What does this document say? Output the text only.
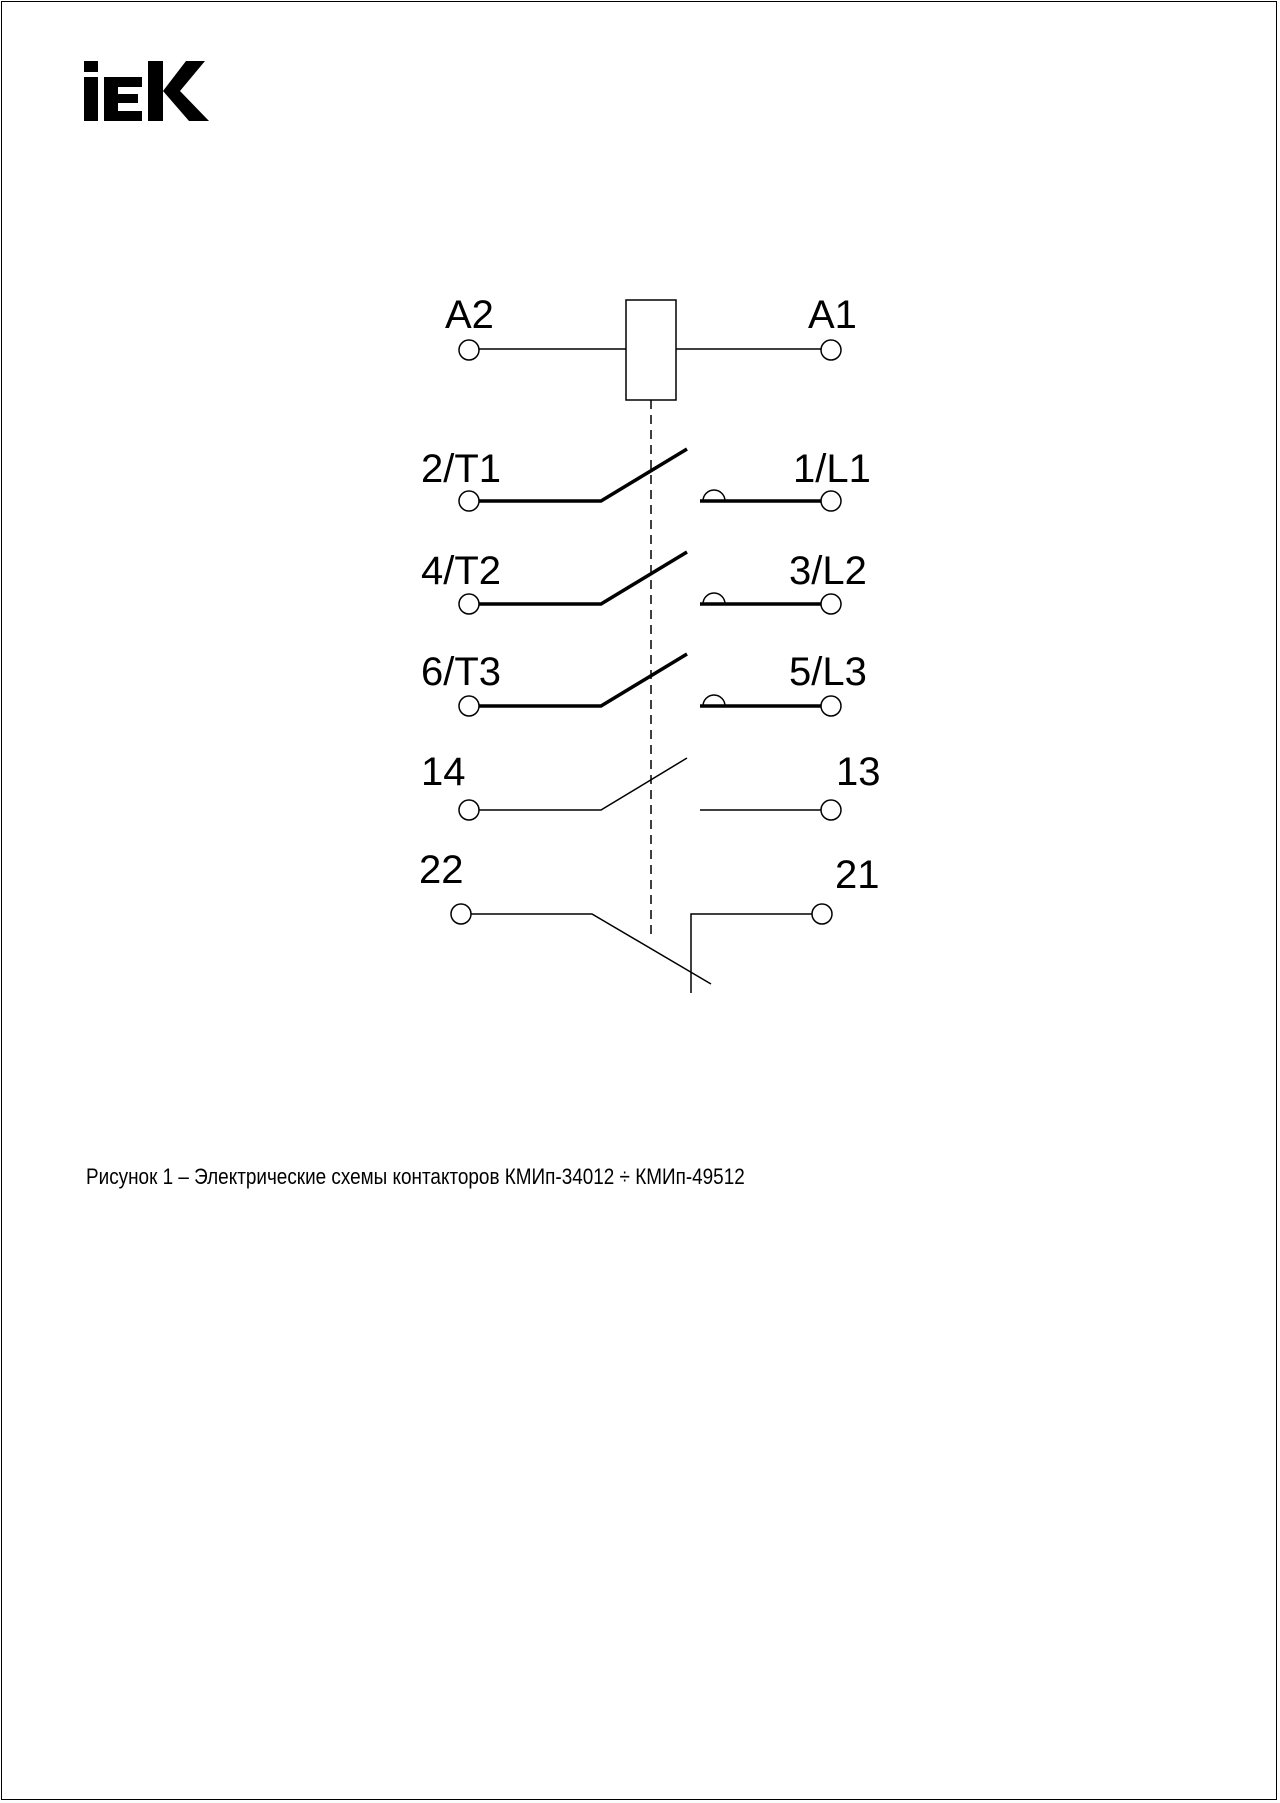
A2	A1
2/T1	1/L1
4/T2	3/L2
6/T3	5/L3
14	13
22	21
Рисунок 1 – Электрические схемы контакторов КМИп-34012 ÷ КМИп-49512
